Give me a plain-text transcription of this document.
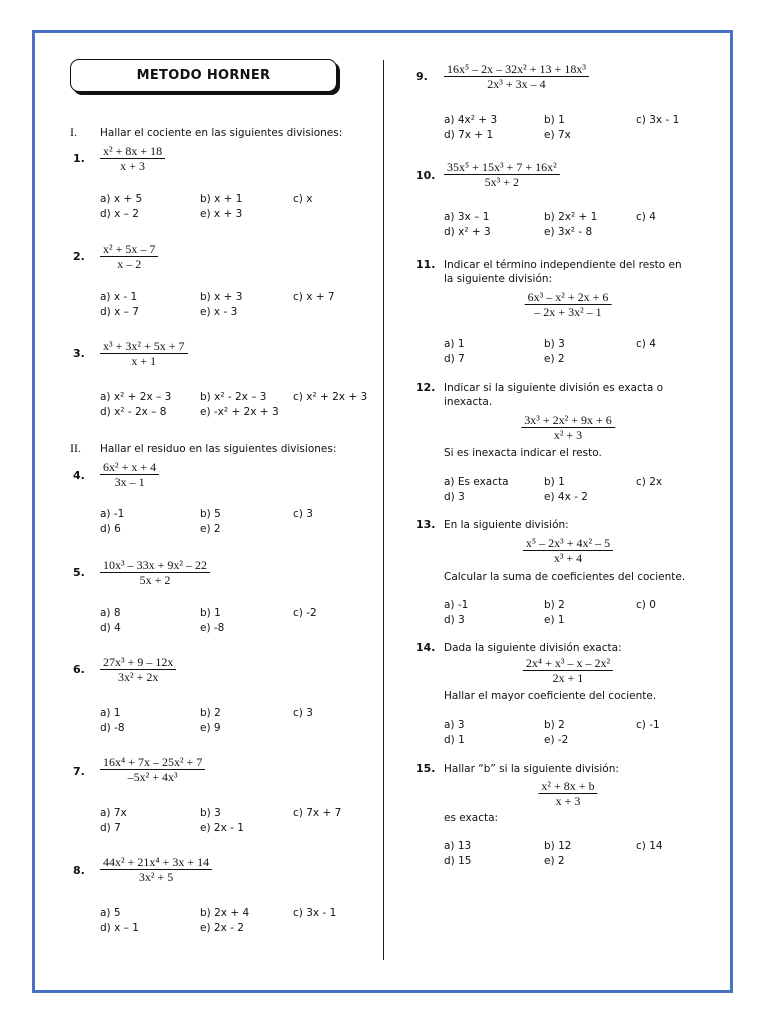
METODO HORNER
I. Hallar el cociente en las siguientes divisiones:
II. Hallar el residuo en las siguientes divisiones:
1. $\frac{\text{x² + 8x + 18}}{x + 3}$
a) x + 5	b) x + 1	c) x
d) x – 2	e) x + 3
2. $\frac{\text{x² + 5x – 7}}{x - 2}$
a) x - 1	b) x + 3	c) x + 7
d) x – 7	e) x - 3
3. $\frac{\text{x³ + 3x² + 5x + 7}}{x + 1}$
a) x² + 2x – 3	b) x² - 2x – 3	c) x² + 2x + 3
d) x² - 2x – 8	e) -x² + 2x + 3
4. $\frac{\text{6x² + x + 4}}{3x - 1}$
a) -1	b) 5	c) 3
d) 6	e) 2
5. $\frac{\text{10x³ – 33x + 9x² – 22}}{5x + 2}$
a) 8	b) 1	c) -2
d) 4	e) -8
6. $\frac{\text{27x³ + 9 – 12x}}{\text{3x² + 2x}}$
a) 1	b) 2	c) 3
d) -8	e) 9
7. $\frac{\text{16x⁴ + 7x – 25x² + 7}}{\text{–5x² + 4x³}}$
a) 7x	b) 3	c) 7x + 7
d) 7	e) 2x - 1
8. $\frac{\text{44x² + 21x⁴ + 3x + 14}}{\text{3x² + 5}}$
a) 5	b) 2x + 4	c) 3x - 1
d) x – 1	e) 2x - 2
9. $\frac{\text{16x⁵ – 2x – 32x² + 13 + 18x³}}{\text{2x³ + 3x – 4}}$
a) 4x² + 3	b) 1	c) 3x - 1
d) 7x + 1	e) 7x
10. $\frac{\text{35x⁵ + 15x³ + 7 + 16x²}}{\text{5x³ + 2}}$
a) 3x – 1	b) 2x² + 1	c) 4
d) x² + 3	e) 3x² - 8
11. Indicar el término independiente del resto en
la siguiente división:
$\frac{\text{6x³ – x² + 2x + 6}}{\text{– 2x + 3x² – 1}}$
a) 1	b) 3	c) 4
d) 7	e) 2
12. Indicar si la siguiente división es exacta o
inexacta.
$\frac{\text{3x³ + 2x² + 9x + 6}}{\text{x² + 3}}$
Si es inexacta indicar el resto.
a) Es exacta	b) 1	c) 2x
d) 3	e) 4x - 2
13. En la siguiente división:
$\frac{\text{x⁵ – 2x³ + 4x² – 5}}{\text{x³ + 4}}$
Calcular la suma de coeficientes del cociente.
a) -1	b) 2	c) 0
d) 3	e) 1
14. Dada la siguiente división exacta:
$\frac{\text{2x⁴ + x³ – x – 2x²}}{2x + 1}$
Hallar el mayor coeficiente del cociente.
a) 3	b) 2	c) -1
d) 1	e) -2
15. Hallar “b” si la siguiente división:
$\frac{\text{x² + 8x + b}}{x + 3}$
es exacta:
a) 13	b) 12	c) 14
d) 15	e) 2
